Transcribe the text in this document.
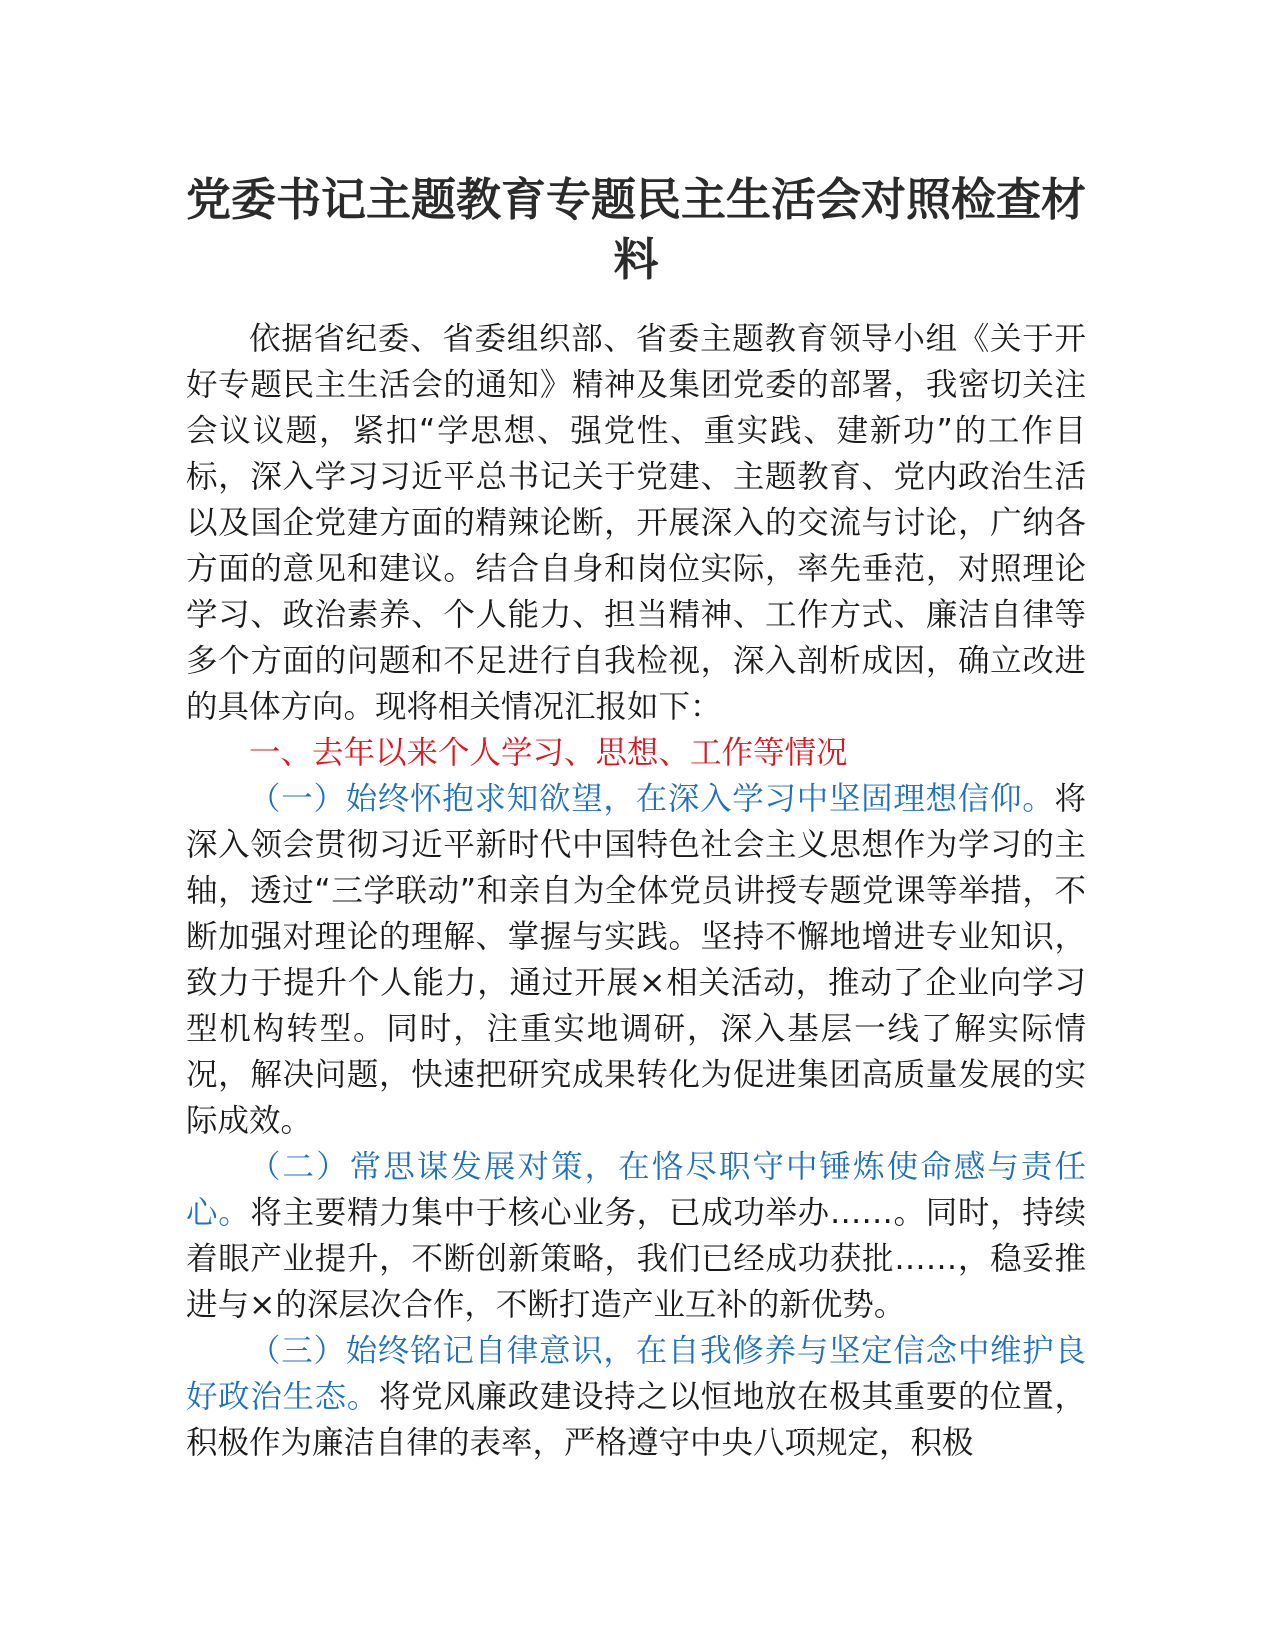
党委书记主题教育专题民主生活会对照检查材料

依据省纪委、省委组织部、省委主题教育领导小组《关于开好专题民主生活会的通知》精神及集团党委的部署，我密切关注会议议题，紧扣“学思想、强党性、重实践、建新功”的工作目标，深入学习习近平总书记关于党建、主题教育、党内政治生活以及国企党建方面的精辣论断，开展深入的交流与讨论，广纳各方面的意见和建议。结合自身和岗位实际，率先垂范，对照理论学习、政治素养、个人能力、担当精神、工作方式、廉洁自律等多个方面的问题和不足进行自我检视，深入剖析成因，确立改进的具体方向。现将相关情况汇报如下：

一、去年以来个人学习、思想、工作等情况

（一）始终怀抱求知欲望，在深入学习中坚固理想信仰。将深入领会贯彻习近平新时代中国特色社会主义思想作为学习的主轴，透过“三学联动”和亲自为全体党员讲授专题党课等举措，不断加强对理论的理解、掌握与实践。坚持不懈地增进专业知识，致力于提升个人能力，通过开展×相关活动，推动了企业向学习型机构转型。同时，注重实地调研，深入基层一线了解实际情况，解决问题，快速把研究成果转化为促进集团高质量发展的实际成效。

（二）常思谋发展对策，在恪尽职守中锤炼使命感与责任心。将主要精力集中于核心业务，已成功举办……。同时，持续着眼产业提升，不断创新策略，我们已经成功获批……，稳妥推进与×的深层次合作，不断打造产业互补的新优势。

（三）始终铭记自律意识，在自我修养与坚定信念中维护良好政治生态。将党风廉政建设持之以恒地放在极其重要的位置，积极作为廉洁自律的表率，严格遵守中央八项规定，积极
